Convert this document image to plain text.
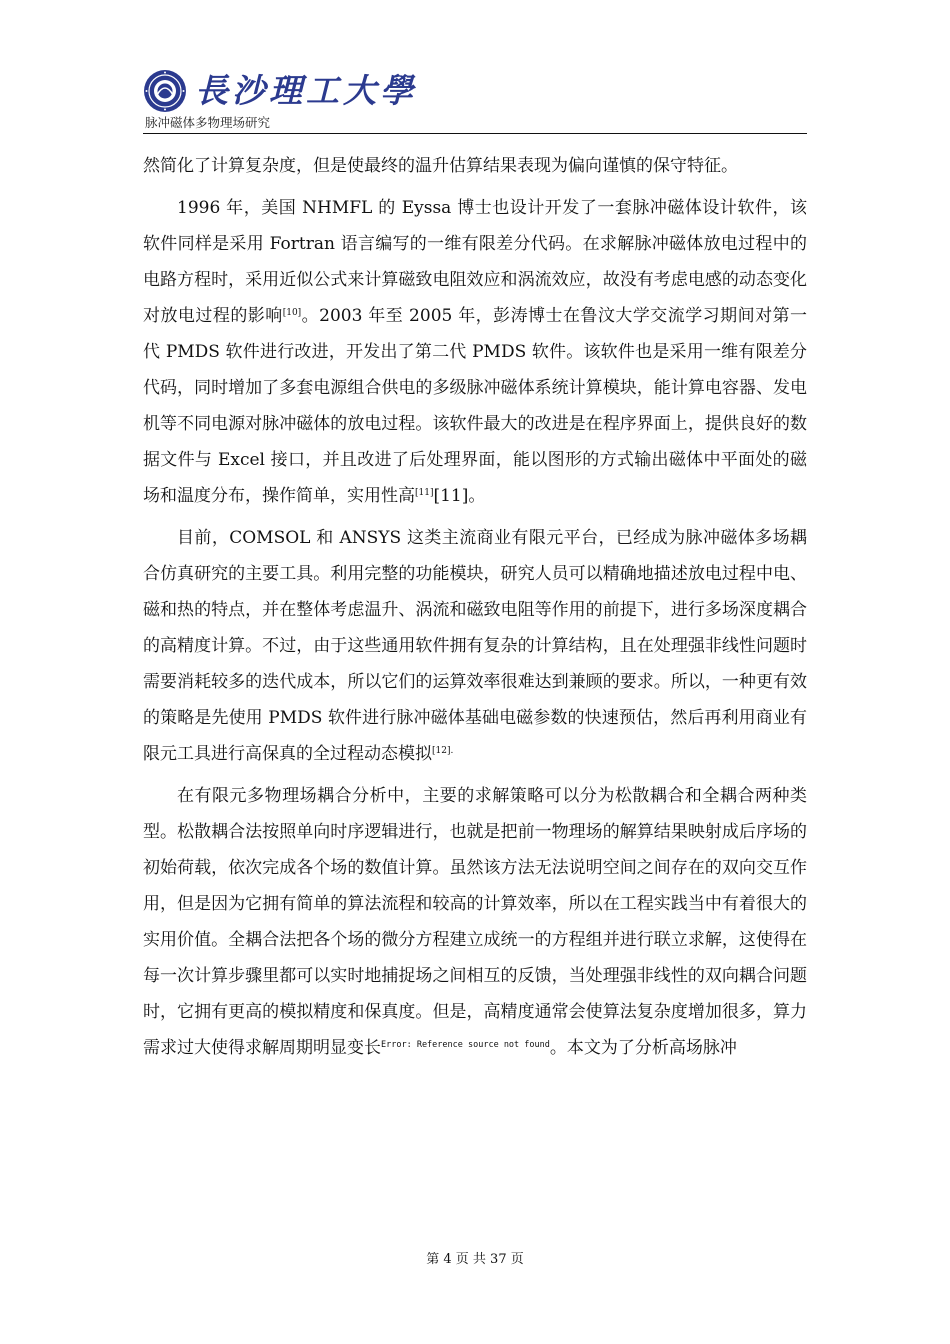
長沙理工大學
脉冲磁体多物理场研究

然简化了计算复杂度，但是使最终的温升估算结果表现为偏向谨慎的保守特征。

1996 年，美国 NHMFL 的 Eyssa 博士也设计开发了一套脉冲磁体设计软件，该软件同样是采用 Fortran 语言编写的一维有限差分代码。在求解脉冲磁体放电过程中的电路方程时，采用近似公式来计算磁致电阻效应和涡流效应，故没有考虑电感的动态变化对放电过程的影响[10]。2003 年至 2005 年，彭涛博士在鲁汶大学交流学习期间对第一代 PMDS 软件进行改进，开发出了第二代 PMDS 软件。该软件也是采用一维有限差分代码，同时增加了多套电源组合供电的多级脉冲磁体系统计算模块，能计算电容器、发电机等不同电源对脉冲磁体的放电过程。该软件最大的改进是在程序界面上，提供良好的数据文件与 Excel 接口，并且改进了后处理界面，能以图形的方式输出磁体中平面处的磁场和温度分布，操作简单，实用性高[11][11]。

目前，COMSOL 和 ANSYS 这类主流商业有限元平台，已经成为脉冲磁体多场耦合仿真研究的主要工具。利用完整的功能模块，研究人员可以精确地描述放电过程中电、磁和热的特点，并在整体考虑温升、涡流和磁致电阻等作用的前提下，进行多场深度耦合的高精度计算。不过，由于这些通用软件拥有复杂的计算结构，且在处理强非线性问题时需要消耗较多的迭代成本，所以它们的运算效率很难达到兼顾的要求。所以，一种更有效的策略是先使用 PMDS 软件进行脉冲磁体基础电磁参数的快速预估，然后再利用商业有限元工具进行高保真的全过程动态模拟$^{[12].}$

在有限元多物理场耦合分析中，主要的求解策略可以分为松散耦合和全耦合两种类型。松散耦合法按照单向时序逻辑进行，也就是把前一物理场的解算结果映射成后序场的初始荷载，依次完成各个场的数值计算。虽然该方法无法说明空间之间存在的双向交互作用，但是因为它拥有简单的算法流程和较高的计算效率，所以在工程实践当中有着很大的实用价值。全耦合法把各个场的微分方程建立成统一的方程组并进行联立求解，这使得在每一次计算步骤里都可以实时地捕捉场之间相互的反馈，当处理强非线性的双向耦合问题时，它拥有更高的模拟精度和保真度。但是，高精度通常会使算法复杂度增加很多，算力需求过大使得求解周期明显变长$^{Error: Reference source not found}$。本文为了分析高场脉冲

第 4 页 共 37 页
